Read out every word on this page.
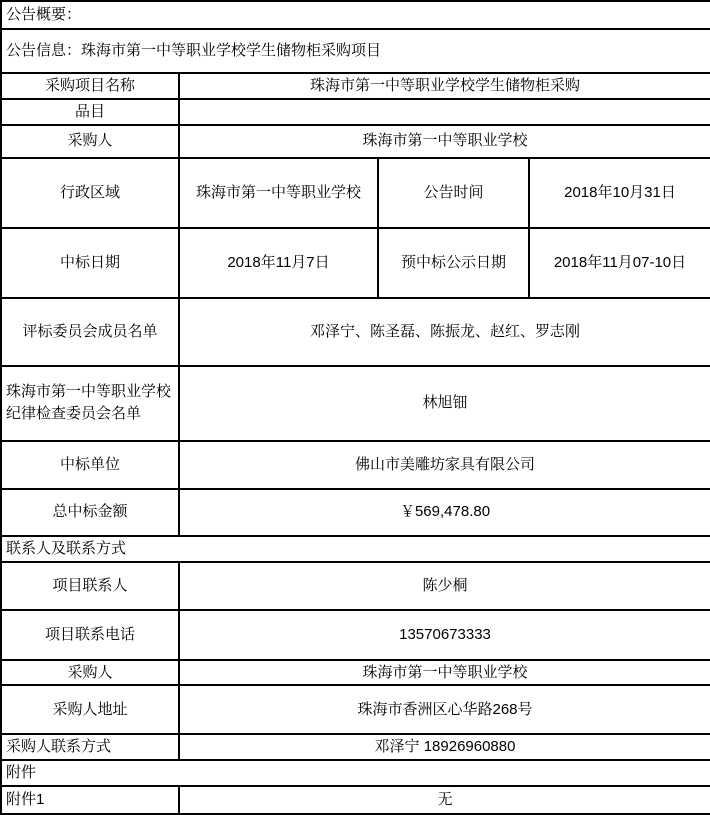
公告概要：			
公告信息：珠海市第一中等职业学校学生储物柜采购项目			
采购项目名称	珠海市第一中等职业学校学生储物柜采购		
品目			
采购人	珠海市第一中等职业学校		
行政区域	珠海市第一中等职业学校	公告时间	2018年10月31日
中标日期	2018年11月7日	预中标公示日期	2018年11月07-10日
评标委员会成员名单	邓泽宁、陈圣磊、陈振龙、赵红、罗志刚		
珠海市第一中等职业学校纪律检查委员会名单	林旭钿		
中标单位	佛山市美雕坊家具有限公司		
总中标金额	￥569,478.80		
联系人及联系方式			
项目联系人	陈少桐		
项目联系电话	13570673333		
采购人	珠海市第一中等职业学校		
采购人地址	珠海市香洲区心华路268号		
采购人联系方式	邓泽宁 18926960880		
附件			
附件1	无		
